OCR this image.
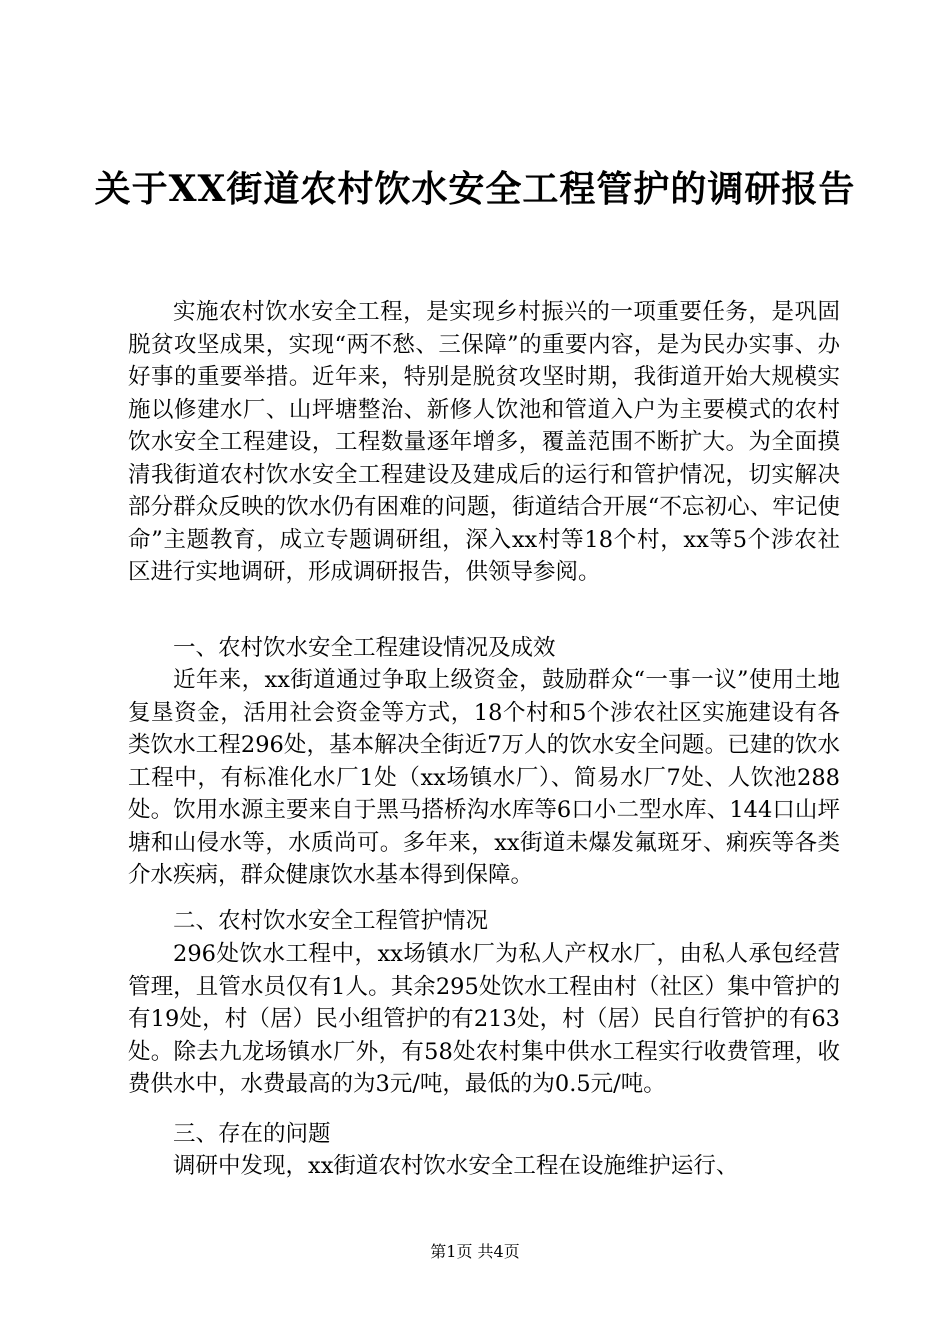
关于XX街道农村饮水安全工程管护的调研报告

实施农村饮水安全工程，是实现乡村振兴的一项重要任务，是巩固脱贫攻坚成果，实现“两不愁、三保障”的重要内容，是为民办实事、办好事的重要举措。近年来，特别是脱贫攻坚时期，我街道开始大规模实施以修建水厂、山坪塘整治、新修人饮池和管道入户为主要模式的农村饮水安全工程建设，工程数量逐年增多，覆盖范围不断扩大。为全面摸清我街道农村饮水安全工程建设及建成后的运行和管护情况，切实解决部分群众反映的饮水仍有困难的问题，街道结合开展“不忘初心、牢记使命”主题教育，成立专题调研组，深入xx村等18个村，xx等5个涉农社区进行实地调研，形成调研报告，供领导参阅。

一、农村饮水安全工程建设情况及成效

近年来，xx街道通过争取上级资金，鼓励群众“一事一议”使用土地复垦资金，活用社会资金等方式，18个村和5个涉农社区实施建设有各类饮水工程296处，基本解决全街近7万人的饮水安全问题。已建的饮水工程中，有标准化水厂1处（xx场镇水厂）、简易水厂7处、人饮池288处。饮用水源主要来自于黑马搭桥沟水库等6口小二型水库、144口山坪塘和山侵水等，水质尚可。多年来，xx街道未爆发氟斑牙、痢疾等各类介水疾病，群众健康饮水基本得到保障。

二、农村饮水安全工程管护情况

296处饮水工程中，xx场镇水厂为私人产权水厂，由私人承包经营管理，且管水员仅有1人。其余295处饮水工程由村（社区）集中管护的有19处，村（居）民小组管护的有213处，村（居）民自行管护的有63处。除去九龙场镇水厂外，有58处农村集中供水工程实行收费管理，收费供水中，水费最高的为3元/吨，最低的为0.5元/吨。

三、存在的问题

调研中发现，xx街道农村饮水安全工程在设施维护运行、

第1页 共4页
